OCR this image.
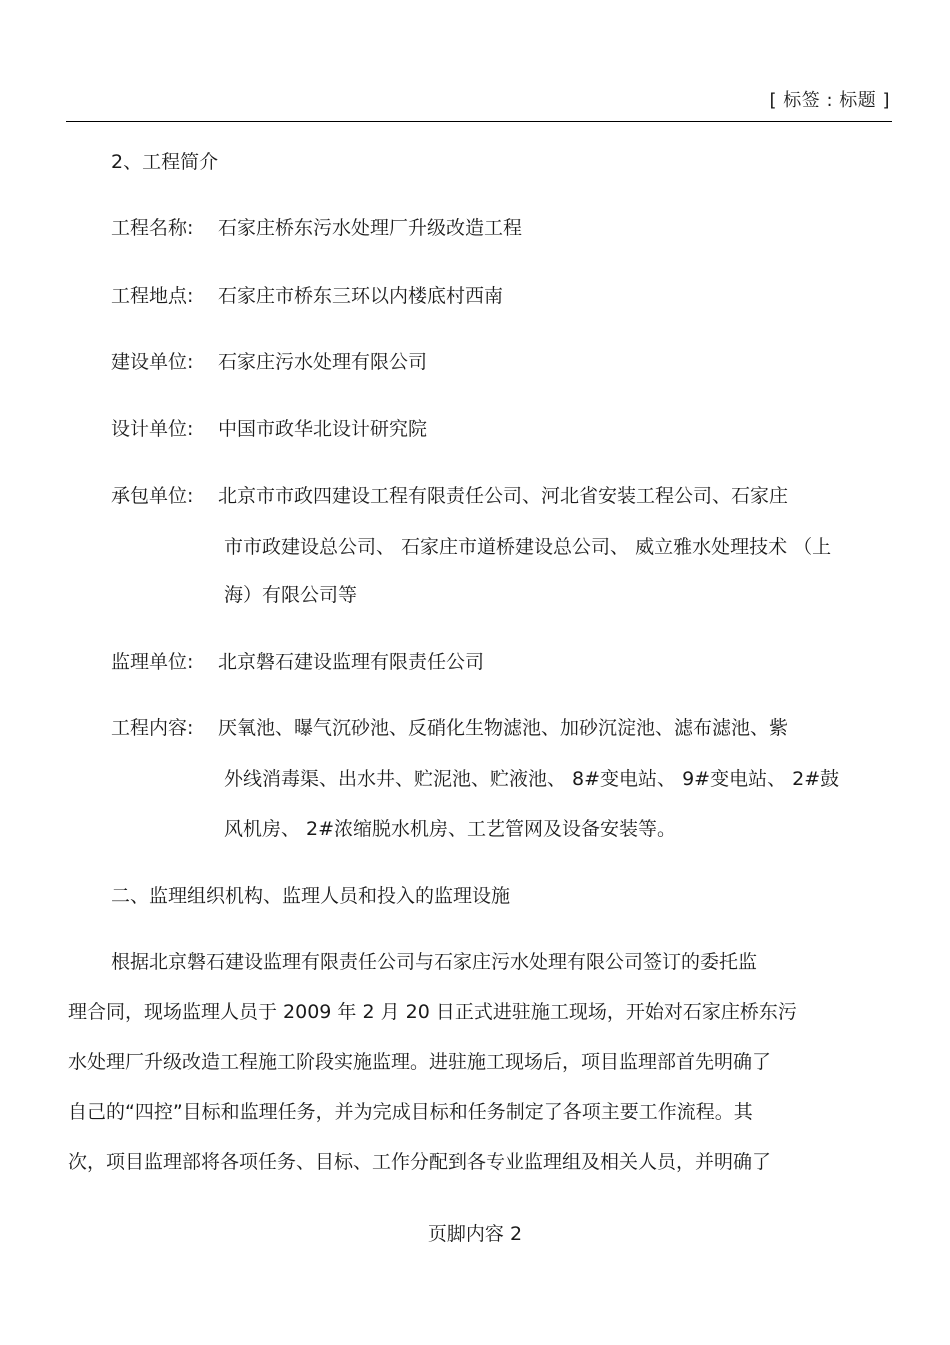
[ 标签 : 标题 ]
2、工程简介
工程名称: 石家庄桥东污水处理厂升级改造工程
工程地点: 石家庄市桥东三环以内楼底村西南
建设单位: 石家庄污水处理有限公司
设计单位: 中国市政华北设计研究院
承包单位: 北京市市政四建设工程有限责任公司、河北省安装工程公司、石家庄
市市政建设总公司、 石家庄市道桥建设总公司、 威立雅水处理技术 （上
海）有限公司等
监理单位: 北京磐石建设监理有限责任公司
工程内容: 厌氧池、曝气沉砂池、反硝化生物滤池、加砂沉淀池、滤布滤池、紫
外线消毒渠、出水井、贮泥池、贮液池、 8#变电站、 9#变电站、 2#鼓
风机房、 2#浓缩脱水机房、工艺管网及设备安装等。
二、监理组织机构、监理人员和投入的监理设施
根据北京磐石建设监理有限责任公司与石家庄污水处理有限公司签订的委托监
理合同，现场监理人员于 2009 年 2 月 20 日正式进驻施工现场，开始对石家庄桥东污
水处理厂升级改造工程施工阶段实施监理。进驻施工现场后，项目监理部首先明确了
自己的“四控”目标和监理任务，并为完成目标和任务制定了各项主要工作流程。其
次，项目监理部将各项任务、目标、工作分配到各专业监理组及相关人员，并明确了
页脚内容 2
